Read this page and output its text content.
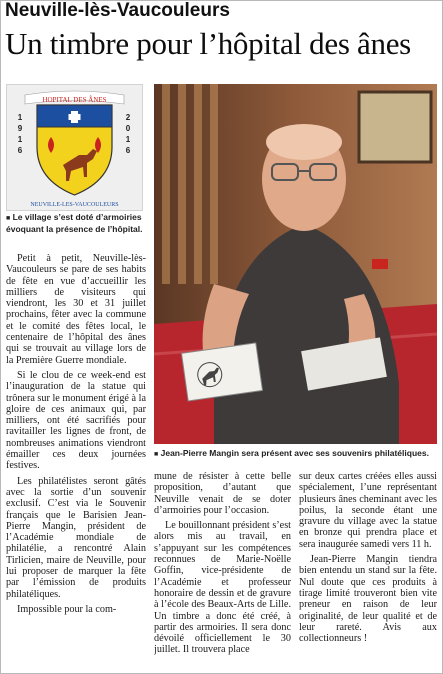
Neuville-lès-Vaucouleurs
Un timbre pour l’hôpital des ânes
HOPITAL DES ÂNES
1
9
1
6
2
0
1
6
NEUVILLE-LES-VAUCOULEURS
■ Le village s’est doté d’armoiries évoquant la présence de l’hôpital.
■ Jean-Pierre Mangin sera présent avec ses souvenirs philatéliques.

Petit à petit, Neuville-lès-Vaucouleurs se pare de ses habits de fête en vue d’accueillir les milliers de visiteurs qui viendront, les 30 et 31 juillet prochains, fêter avec la commune et le comité des fêtes local, le centenaire de l’hôpital des ânes qui se trouvait au village lors de la Première Guerre mondiale.

Si le clou de ce week-end est l’inauguration de la statue qui trônera sur le monument érigé à la gloire de ces animaux qui, par milliers, ont été sacrifiés pour ravitailler les lignes de front, de nombreuses animations viendront émailler ces deux journées festives.

Les philatélistes seront gâtés avec la sortie d’un souvenir exclusif. C’est via le Souvenir français que le Barisien Jean-Pierre Mangin, président de l’Académie mondiale de philatélie, a rencontré Alain Tirlicien, maire de Neuville, pour lui proposer de marquer la fête par l’émission de produits philatéliques.

Impossible pour la com-

mune de résister à cette belle proposition, d’autant que Neuville venait de se doter d’armoiries pour l’occasion.

Le bouillonnant président s’est alors mis au travail, en s’appuyant sur les compétences reconnues de Marie-Noëlle Goffin, vice-présidente de l’Académie et professeur honoraire de dessin et de gravure à l’école des Beaux-Arts de Lille. Un timbre a donc été créé, à partir des armoiries. Il sera donc dévoilé officiellement le 30 juillet. Il trouvera place

sur deux cartes créées elles aussi spécialement, l’une représentant plusieurs ânes cheminant avec les poilus, la seconde étant une gravure du village avec la statue en bronze qui prendra place et sera inaugurée samedi vers 11 h.

Jean-Pierre Mangin tiendra bien entendu un stand sur la fête. Nul doute que ces produits à tirage limité trouveront bien vite preneur en raison de leur originalité, de leur qualité et de leur rareté. Avis aux collectionneurs !
